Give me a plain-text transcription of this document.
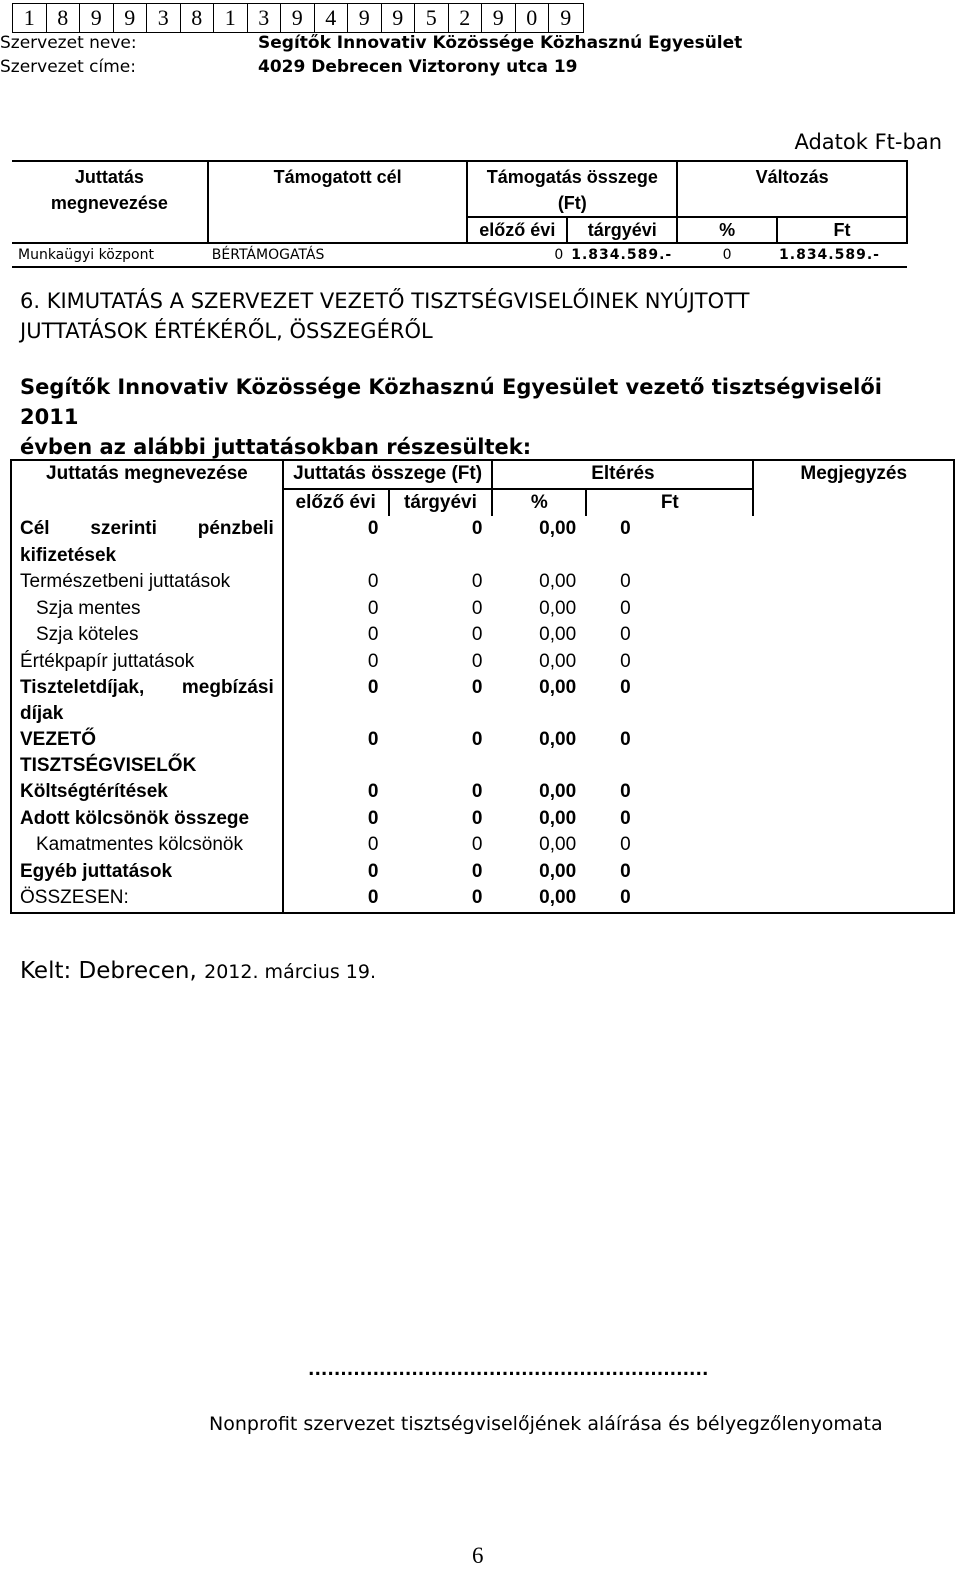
1	8	9	9	3	8	1	3	9	4	9	9	5	2	9	0	9
Szervezet neve:	Segítők Innovativ Közössége Közhasznú Egyesület
Szervezet címe:	4029 Debrecen Viztorony utca 19
Adatok Ft-ban
Juttatás
megnevezése	Támogatott cél	Támogatás összege
(Ft)		Változás	
		előző évi	tárgyévi	%	Ft
Munkaügyi központ	BÉRTÁMOGATÁS	0	1.834.589.-	0	1.834.589.-
6. KIMUTATÁS A SZERVEZET VEZETŐ TISZTSÉGVISELŐINEK NYÚJTOTT
JUTTATÁSOK ÉRTÉKÉRŐL, ÖSSZEGÉRŐL
Segítők Innovativ Közössége Közhasznú Egyesület vezető tisztségviselői 2011
évben az alábbi juttatásokban részesültek:
Juttatás megnevezése	Juttatás összege (Ft)		Eltérés		Megjegyzés
	előző évi	tárgyévi	%	Ft	

Cél szerinti pénzbeli
kifizetések	0	0	0,00	0	
Természetbeni juttatások	0	0	0,00	0	
Szja mentes	0	0	0,00	0	
Szja köteles	0	0	0,00	0	
Értékpapír juttatások	0	0	0,00	0	

Tiszteletdíjak, megbízási
díjak	0	0	0,00	0	
VEZETŐ TISZTSÉGVISELŐK	0	0	0,00	0	
Költségtérítések	0	0	0,00	0	
Adott kölcsönök összege	0	0	0,00	0	
Kamatmentes kölcsönök	0	0	0,00	0	
Egyéb juttatások	0	0	0,00	0	
ÖSSZESEN:	0	0	0,00	0	
Kelt: Debrecen, 2012. március 19.
..............................................................
Nonprofit szervezet tisztségviselőjének aláírása és bélyegzőlenyomata
6
